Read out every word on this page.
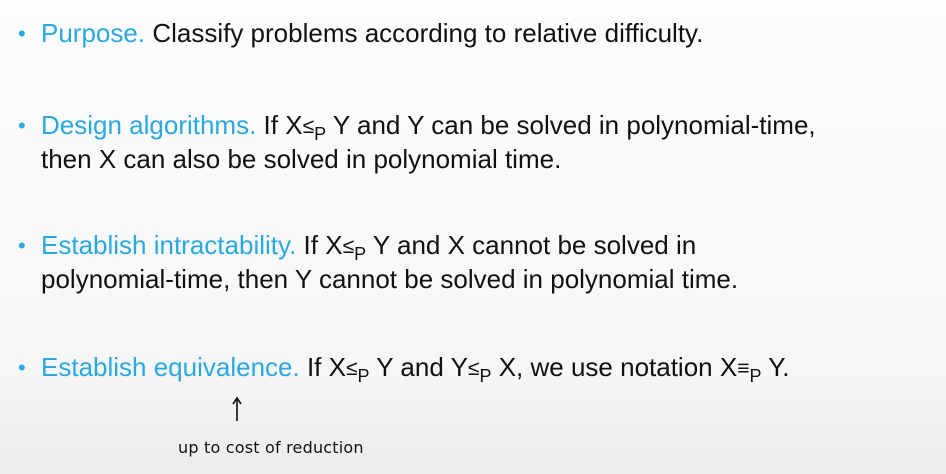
• Purpose. Classify problems according to relative difficulty.
• Design algorithms. If $X\le_P$ Y and Y can be solved in polynomial-time,
then X can also be solved in polynomial time.
• Establish intractability. If $X\le_P$ Y and X cannot be solved in
polynomial-time, then Y cannot be solved in polynomial time.
• Establish equivalence. If $X\le_P$ Y and $Y\le_P$ X, we use notation $X\equiv_P$ Y.
up to cost of reduction
